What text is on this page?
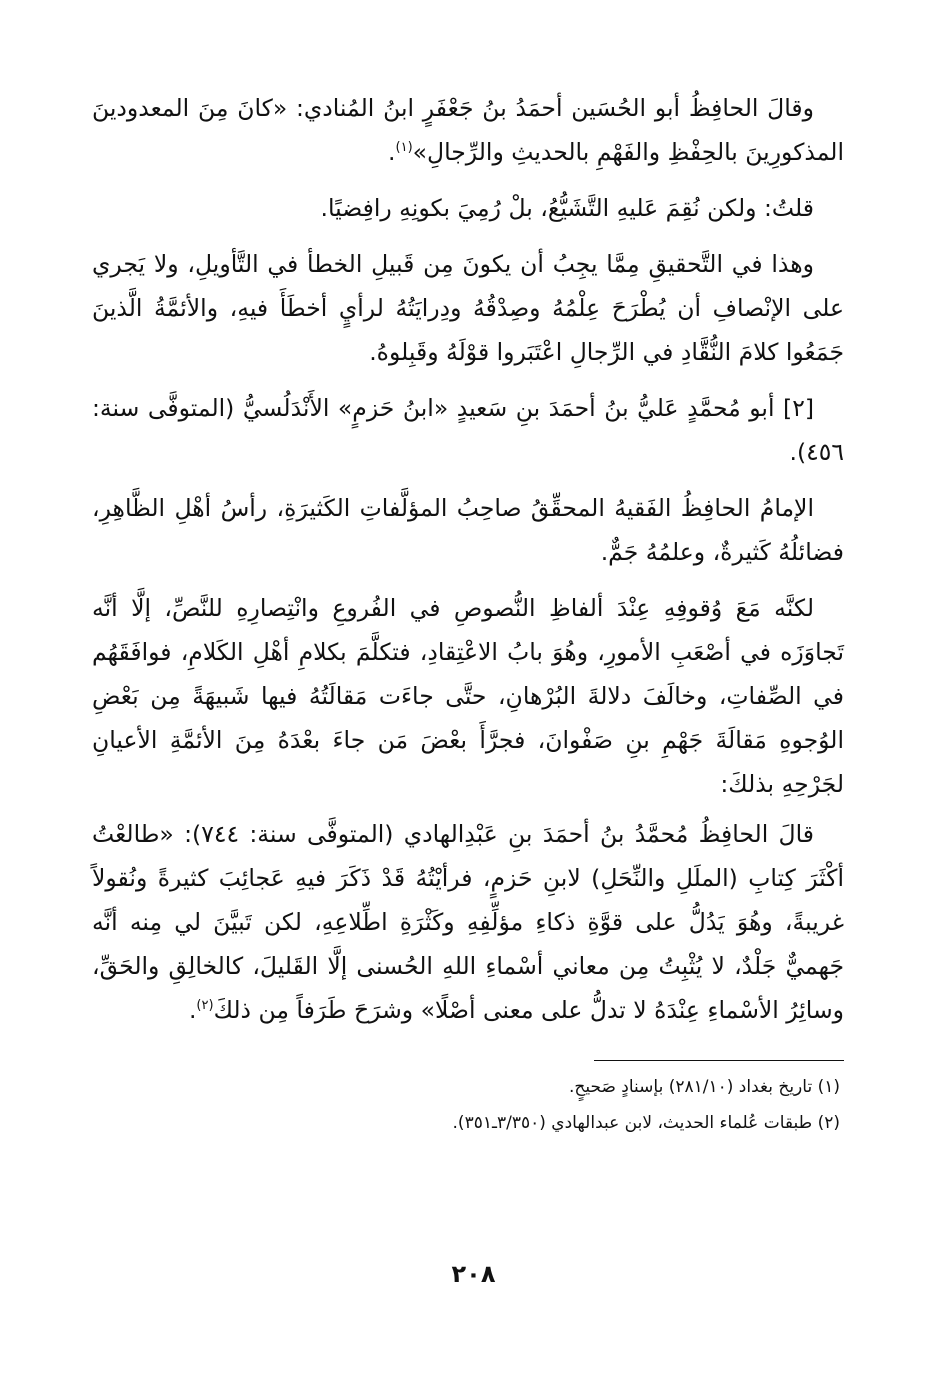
وقالَ الحافِظُ أبو الحُسَين أحمَدُ بنُ جَعْفَرٍ ابنُ المُنادي: «كانَ مِنَ المعدودينَ المذكورِينَ بالحِفْظِ والفَهْمِ بالحديثِ والرِّجالِ»$^{(١)}$.

قلتُ: ولكن نُقِمَ عَليهِ التَّشَيُّعُ، بلْ رُمِيَ بكونِهِ رافِضيًا.

وهذا في التَّحقيقِ مِمَّا يجِبُ أن يكونَ مِن قَبيلِ الخطأ في التَّأويلِ، ولا يَجري على الإنْصافِ أن يُطْرَحَ عِلْمُهُ وصِدْقُهُ ودِرايَتُهُ لرأيٍ أخطَأَ فيهِ، والأئمَّةُ الَّذينَ جَمَعُوا كلامَ النُّقَّادِ في الرِّجالِ اعْتَبَروا قوْلَهُ وقَبِلوهُ.

[٢] أبو مُحمَّدٍ عَليُّ بنُ أحمَدَ بنِ سَعيدٍ «ابنُ حَزمٍ» الأَنْدَلُسيُّ (المتوفَّى سنة: ٤٥٦).

الإمامُ الحافِظُ الفَقيهُ المحقِّقُ صاحِبُ المؤلَّفاتِ الكَثيرَةِ، رأسُ أهْلِ الظَّاهِرِ، فضائلُهُ كَثيرةٌ، وعلمُهُ جَمٌّ.

لكنَّه مَعَ وُقوفِهِ عِنْدَ ألفاظِ النُّصوصِ في الفُروعِ وانْتِصارِهِ للنَّصِّ، إلَّا أنَّه تَجاوَزَه في أصْعَبِ الأمورِ، وهُوَ بابُ الاعْتِقادِ، فتكلَّمَ بكلامِ أهْلِ الكَلامِ، فوافَقَهُم في الصِّفاتِ، وخالَفَ دلالةَ البُرْهانِ، حتَّى جاءَت مَقالَتُهُ فيها شَبيهَةً مِن بَعْضِ الوُجوهِ مَقالَةَ جَهْمِ بنِ صَفْوانَ، فجرَّأَ بعْضَ مَن جاءَ بعْدَهُ مِنَ الأئمَّةِ الأعيانِ لجَرْحِهِ بذلكَ:

قالَ الحافِظُ مُحمَّدُ بنُ أحمَدَ بنِ عَبْدِالهادي (المتوفَّى سنة: ٧٤٤): «طالعْتُ أكْثَرَ كِتابِ (الملَلِ والنِّحَلِ) لابنِ حَزمٍ، فرأيْتُهُ قَدْ ذَكَرَ فيهِ عَجائِبَ كثيرةً ونُقولاً غريبةً، وهُوَ يَدُلُّ على قوَّةِ ذكاءِ مؤلِّفِهِ وكَثْرَةِ اطِّلاعِهِ، لكن تَبيَّنَ لي مِنه أنَّه جَهميٌّ جَلْدٌ، لا يُثْبِتُ مِن معاني أسْماءِ اللهِ الحُسنى إلَّا القَليلَ، كالخالِقِ والحَقِّ، وسائِرُ الأسْماءِ عِنْدَهُ لا تدلُّ على معنى أصْلًا» وشرَحَ طَرَفاً مِن ذلكَ$^{(٢)}$.

(١) تاريخ بغداد (٢٨١/١٠) بإسنادٍ صَحيحٍ.

(٢) طبقات عُلماء الحديث، لابن عبدالهادي (٣/٣٥٠ـ٣٥١).

٢٠٨
